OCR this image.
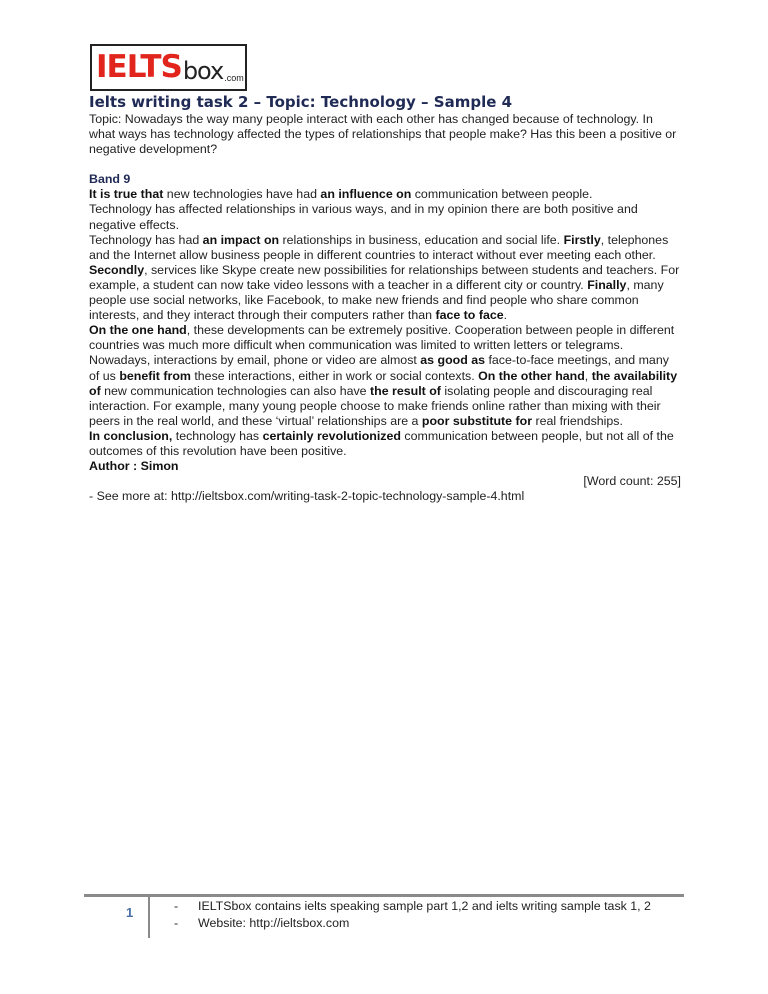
IELTS box .com
Ielts writing task 2 – Topic: Technology – Sample 4

Topic: Nowadays the way many people interact with each other has changed because of technology. In what ways has technology affected the types of relationships that people make? Has this been a positive or negative development?

Band 9

It is true that new technologies have had an influence on communication between people.

Technology has affected relationships in various ways, and in my opinion there are both positive and negative effects.

Technology has had an impact on relationships in business, education and social life. Firstly, telephones and the Internet allow business people in different countries to interact without ever meeting each other. Secondly, services like Skype create new possibilities for relationships between students and teachers. For example, a student can now take video lessons with a teacher in a different city or country. Finally, many people use social networks, like Facebook, to make new friends and find people who share common interests, and they interact through their computers rather than face to face.

On the one hand, these developments can be extremely positive. Cooperation between people in different countries was much more difficult when communication was limited to written letters or telegrams. Nowadays, interactions by email, phone or video are almost as good as face-to-face meetings, and many of us benefit from these interactions, either in work or social contexts. On the other hand, the availability of new communication technologies can also have the result of isolating people and discouraging real interaction. For example, many young people choose to make friends online rather than mixing with their peers in the real world, and these ‘virtual’ relationships are a poor substitute for real friendships.

In conclusion, technology has certainly revolutionized communication between people, but not all of the outcomes of this revolution have been positive.

Author : Simon

[Word count: 255]

- See more at: http://ieltsbox.com/writing-task-2-topic-technology-sample-4.html

1	- IELTSbox contains ielts speaking sample part 1,2 and ielts writing sample task 1, 2
- Website: http://ieltsbox.com
